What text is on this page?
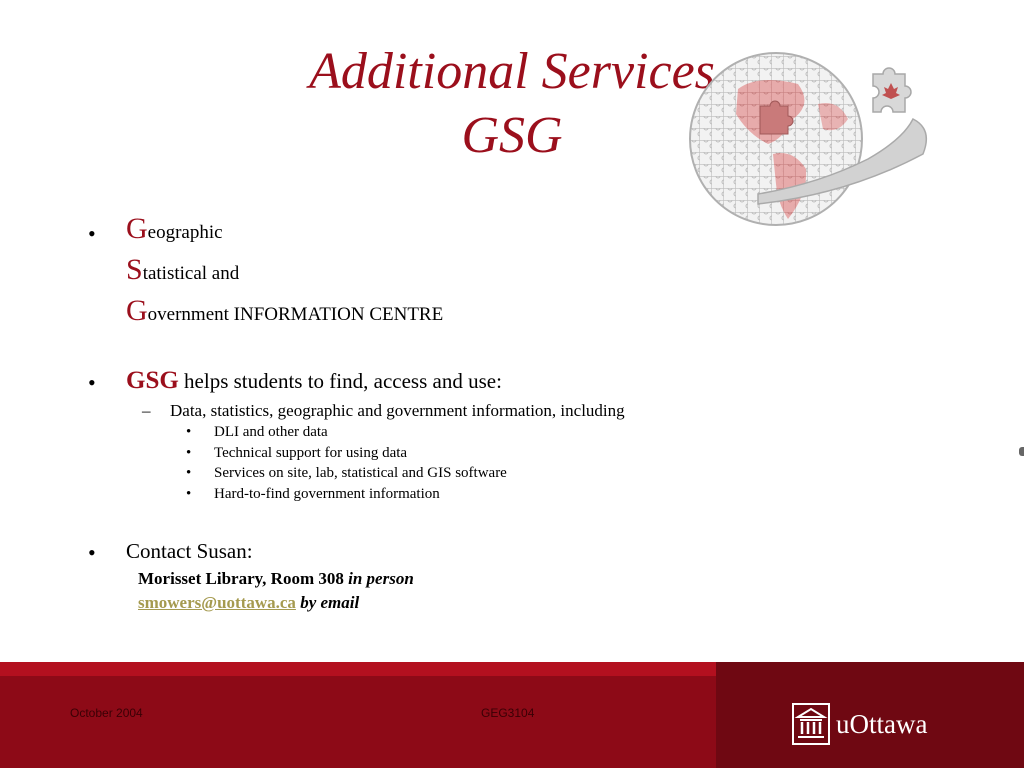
Additional Services
GSG
• Geographic
Statistical and
Government INFORMATION CENTRE
• GSG helps students to find, access and use:
– Data, statistics, geographic and government information, including
• DLI and other data
• Technical support for using data
• Services on site, lab, statistical and GIS software
• Hard-to-find government information
• Contact Susan:
Morisset Library, Room 308 in person
smowers@uottawa.ca by email
October 2004	GEG3104	uOttawa
